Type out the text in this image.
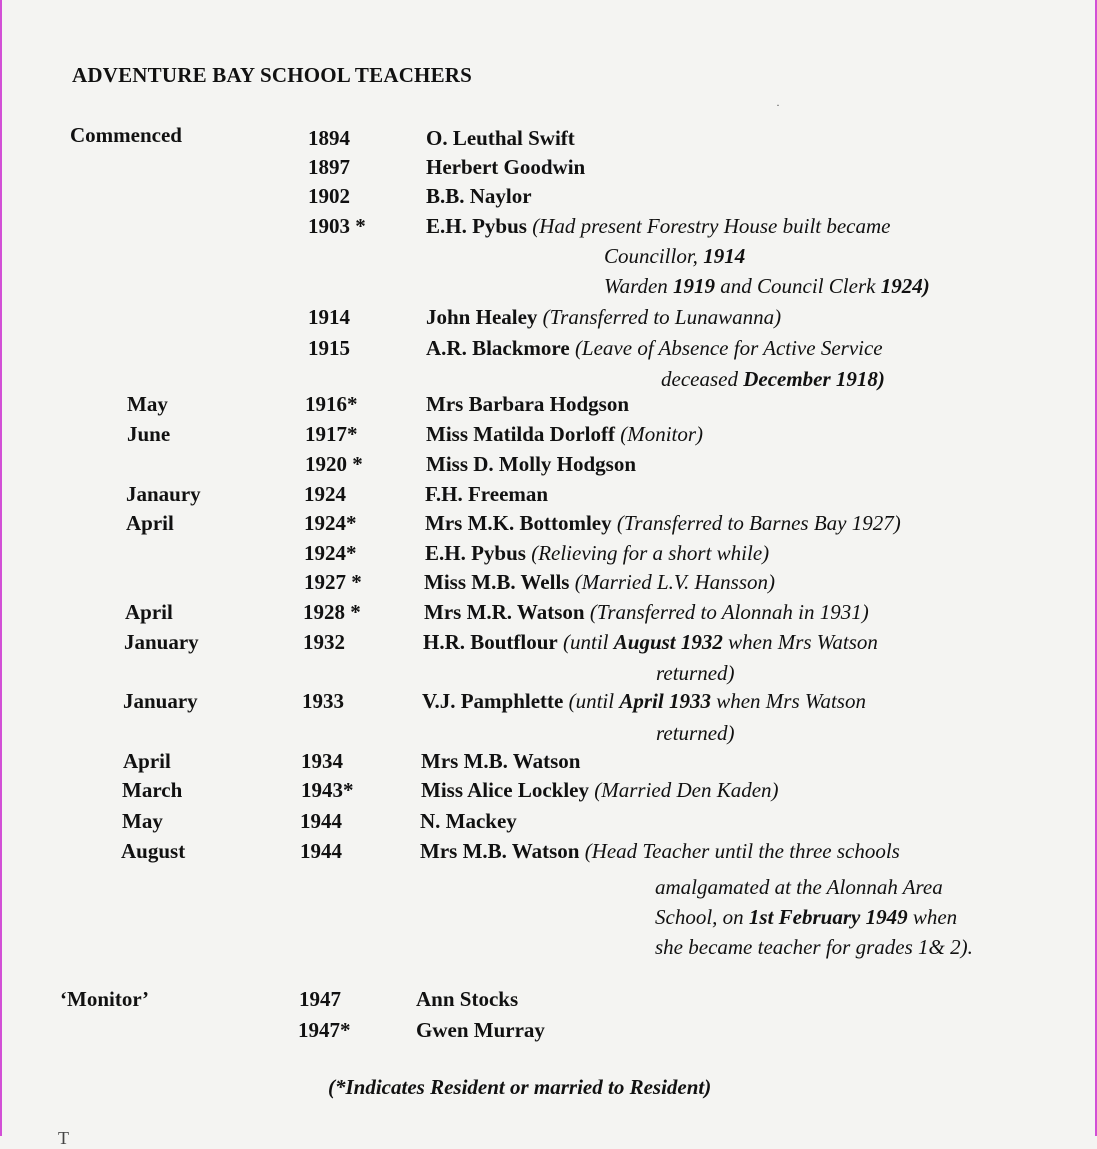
ADVENTURE BAY SCHOOL TEACHERS
·
Commenced	1894	O. Leuthal Swift
1897	Herbert Goodwin
1902	B.B. Naylor
1903 *	E.H. Pybus (Had present Forestry House built became
Councillor, 1914
Warden 1919 and Council Clerk 1924)
1914	John Healey (Transferred to Lunawanna)
1915	A.R. Blackmore (Leave of Absence for Active Service
deceased December 1918)
May	1916*	Mrs Barbara Hodgson
June	1917*	Miss Matilda Dorloff (Monitor)
1920 *	Miss D. Molly Hodgson
Janaury	1924	F.H. Freeman
April	1924*	Mrs M.K. Bottomley (Transferred to Barnes Bay 1927)
1924*	E.H. Pybus (Relieving for a short while)
1927 *	Miss M.B. Wells (Married L.V. Hansson)
April	1928 *	Mrs M.R. Watson (Transferred to Alonnah in 1931)
January	1932	H.R. Boutflour (until August 1932 when Mrs Watson
returned)
January	1933	V.J. Pamphlette (until April 1933 when Mrs Watson
returned)
April	1934	Mrs M.B. Watson
March	1943*	Miss Alice Lockley (Married Den Kaden)
May	1944	N. Mackey
August	1944	Mrs M.B. Watson (Head Teacher until the three schools
amalgamated at the Alonnah Area
School, on 1st February 1949 when
she became teacher for grades 1& 2).
‘Monitor’	1947	Ann Stocks
1947*	Gwen Murray
(*Indicates Resident or married to Resident)
T
